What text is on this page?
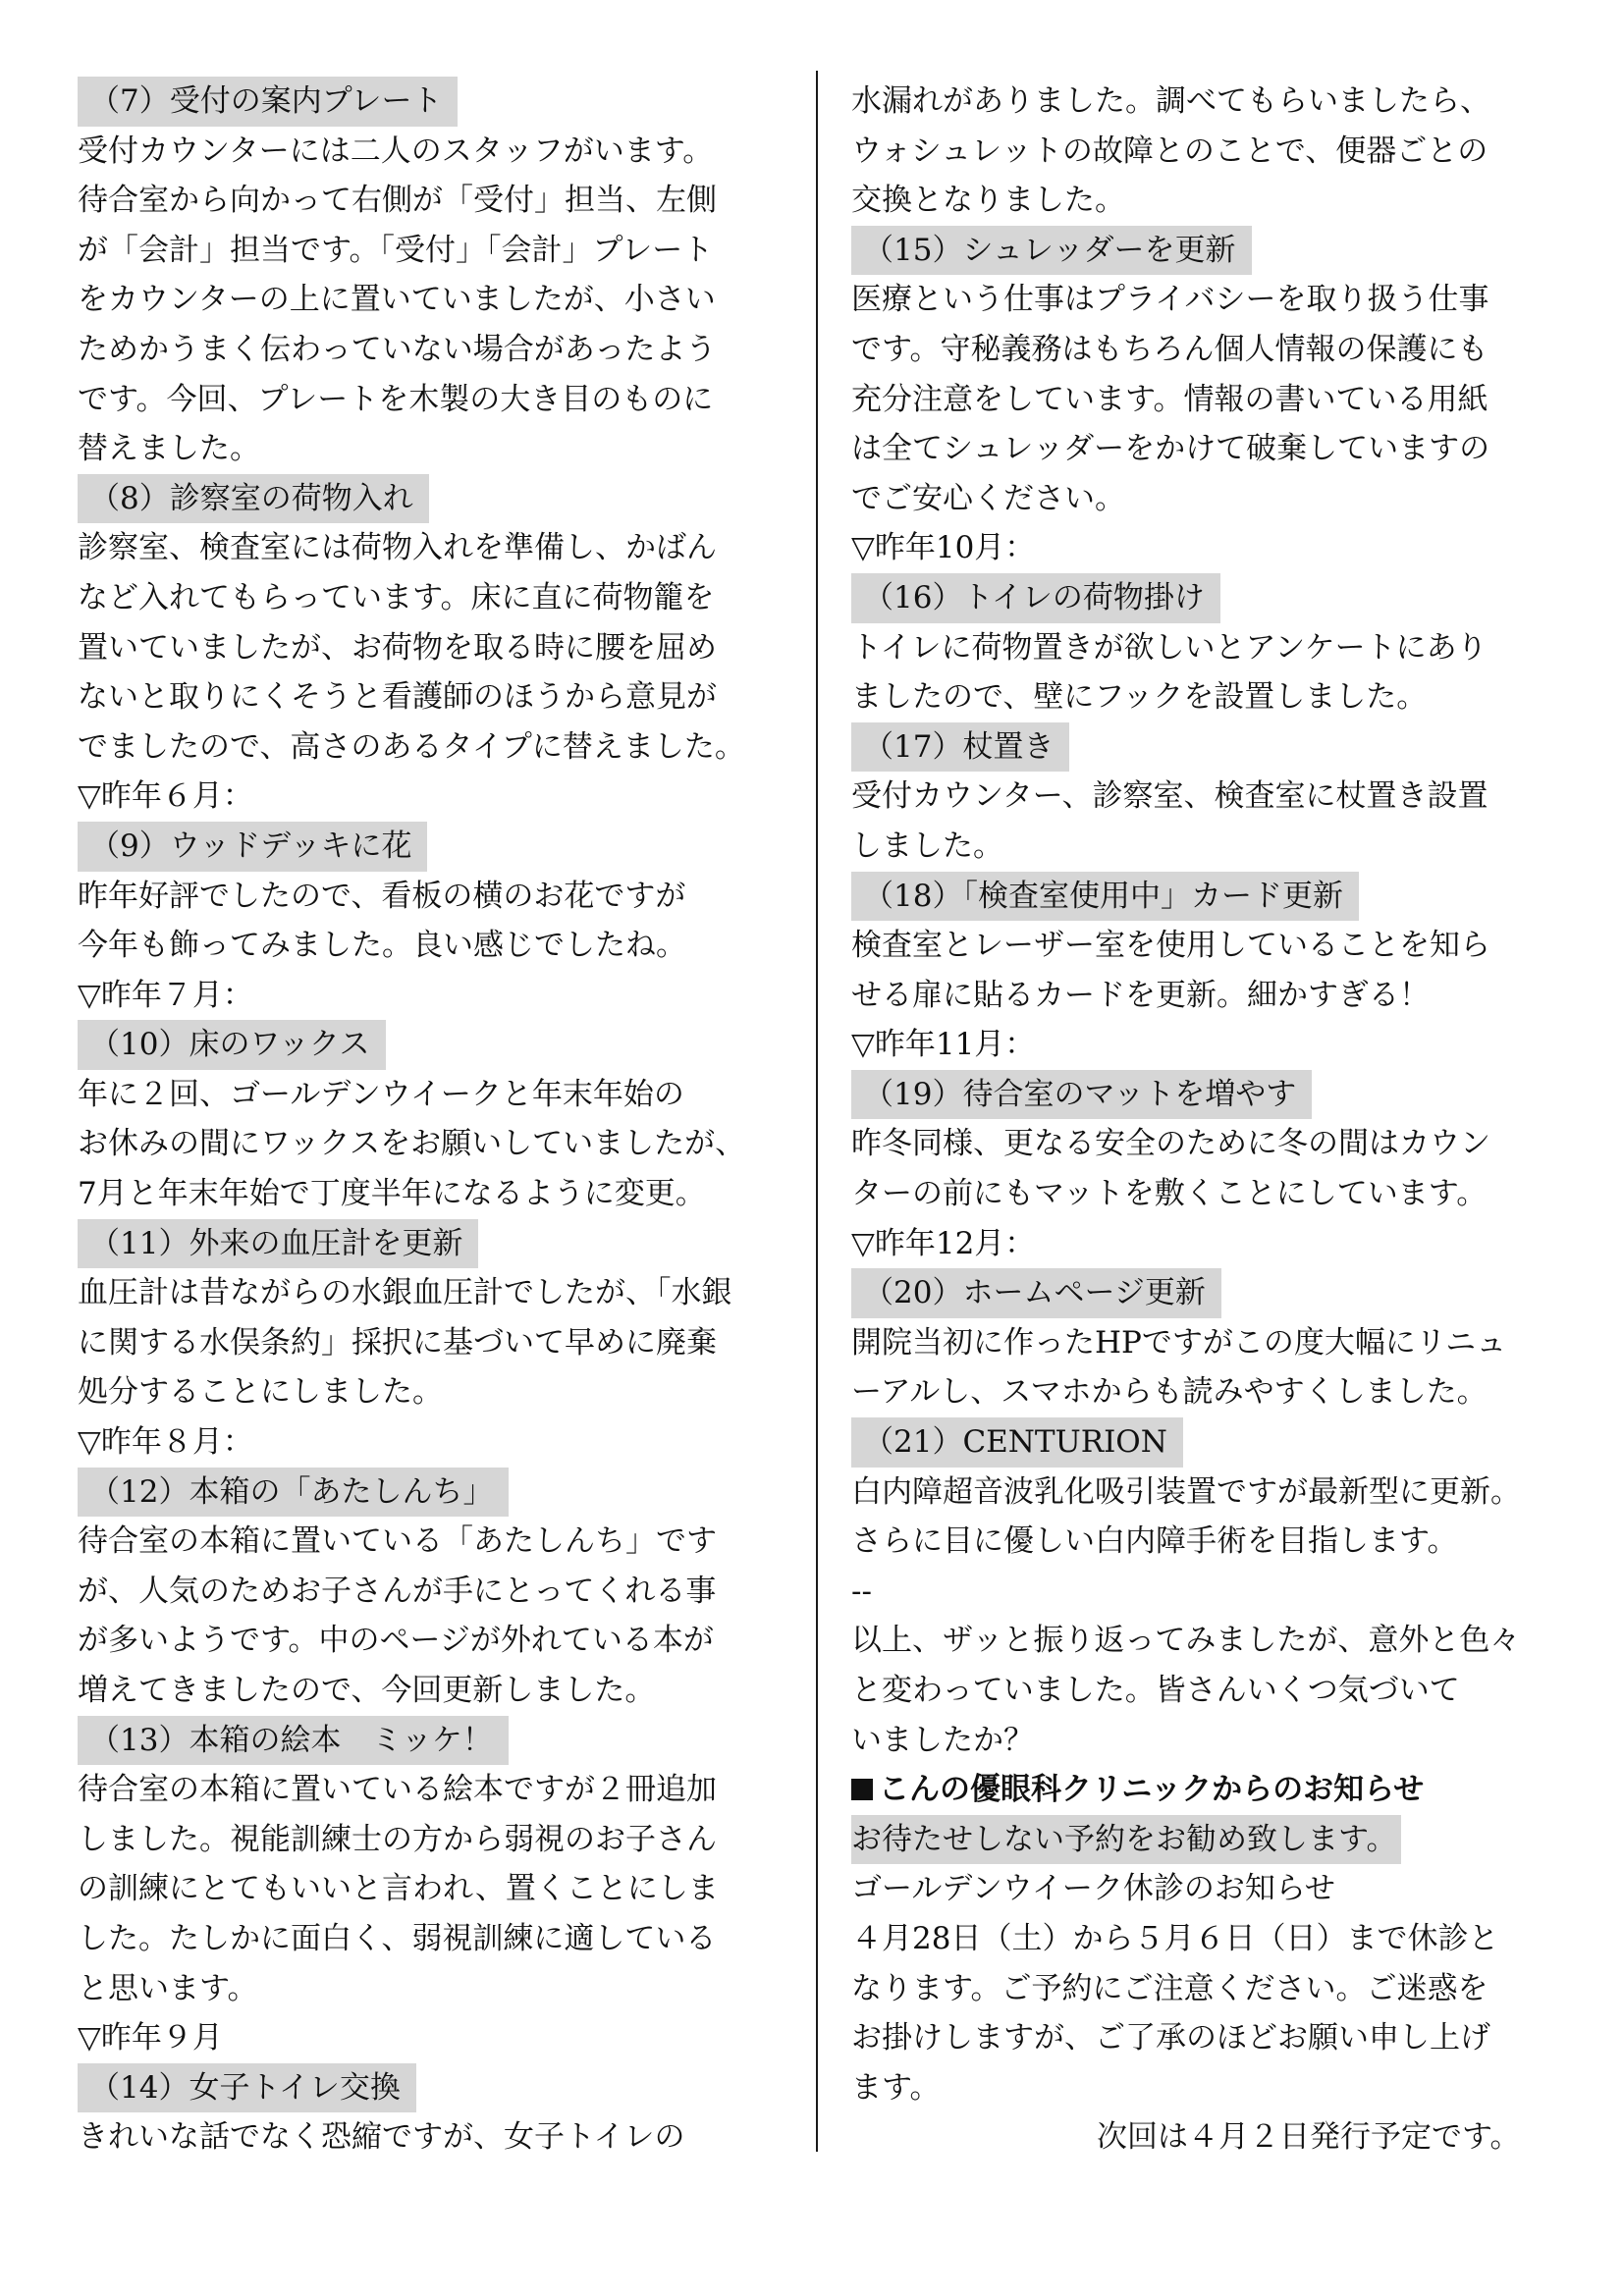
（7）受付の案内プレート
受付カウンターには二人のスタッフがいます。
待合室から向かって右側が「受付」担当、左側
が「会計」担当です。「受付」「会計」プレート
をカウンターの上に置いていましたが、小さい
ためかうまく伝わっていない場合があったよう
です。今回、プレートを木製の大き目のものに
替えました。
（8）診察室の荷物入れ
診察室、検査室には荷物入れを準備し、かばん
など入れてもらっています。床に直に荷物籠を
置いていましたが、お荷物を取る時に腰を屈め
ないと取りにくそうと看護師のほうから意見が
でましたので、高さのあるタイプに替えました。
▽昨年６月：
（9）ウッドデッキに花
昨年好評でしたので、看板の横のお花ですが
今年も飾ってみました。良い感じでしたね。
▽昨年７月：
（10）床のワックス
年に２回、ゴールデンウイークと年末年始の
お休みの間にワックスをお願いしていましたが、
7月と年末年始で丁度半年になるように変更。
（11）外来の血圧計を更新
血圧計は昔ながらの水銀血圧計でしたが、「水銀
に関する水俣条約」採択に基づいて早めに廃棄
処分することにしました。
▽昨年８月：
（12）本箱の「あたしんち」
待合室の本箱に置いている「あたしんち」です
が、人気のためお子さんが手にとってくれる事
が多いようです。中のページが外れている本が
増えてきましたので、今回更新しました。
（13）本箱の絵本　ミッケ！
待合室の本箱に置いている絵本ですが２冊追加
しました。視能訓練士の方から弱視のお子さん
の訓練にとてもいいと言われ、置くことにしま
した。たしかに面白く、弱視訓練に適している
と思います。
▽昨年９月
（14）女子トイレ交換
きれいな話でなく恐縮ですが、女子トイレの
水漏れがありました。調べてもらいましたら、
ウォシュレットの故障とのことで、便器ごとの
交換となりました。
（15）シュレッダーを更新
医療という仕事はプライバシーを取り扱う仕事
です。守秘義務はもちろん個人情報の保護にも
充分注意をしています。情報の書いている用紙
は全てシュレッダーをかけて破棄していますの
でご安心ください。
▽昨年10月：
（16）トイレの荷物掛け
トイレに荷物置きが欲しいとアンケートにあり
ましたので、壁にフックを設置しました。
（17）杖置き
受付カウンター、診察室、検査室に杖置き設置
しました。
（18）「検査室使用中」カード更新
検査室とレーザー室を使用していることを知ら
せる扉に貼るカードを更新。細かすぎる！
▽昨年11月：
（19）待合室のマットを増やす
昨冬同様、更なる安全のために冬の間はカウン
ターの前にもマットを敷くことにしています。
▽昨年12月：
（20）ホームページ更新
開院当初に作ったHPですがこの度大幅にリニュ
ーアルし、スマホからも読みやすくしました。
（21）CENTURION
白内障超音波乳化吸引装置ですが最新型に更新。
さらに目に優しい白内障手術を目指します。
--
以上、ザッと振り返ってみましたが、意外と色々
と変わっていました。皆さんいくつ気づいて
いましたか？
こんの優眼科クリニックからのお知らせ
お待たせしない予約をお勧め致します。
ゴールデンウイーク休診のお知らせ
４月28日（土）から５月６日（日）まで休診と
なります。ご予約にご注意ください。ご迷惑を
お掛けしますが、ご了承のほどお願い申し上げ
ます。
次回は４月２日発行予定です。
